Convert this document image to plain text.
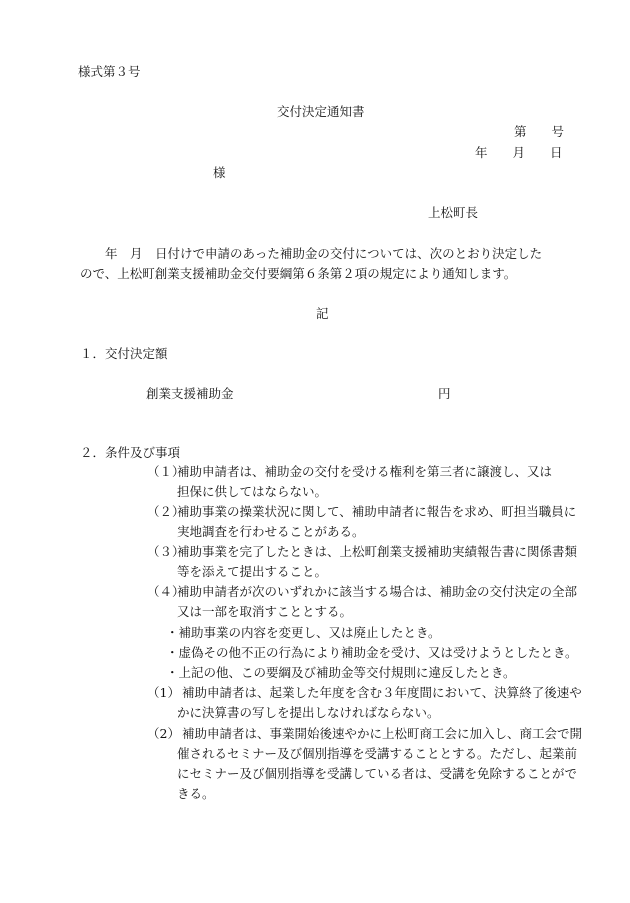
様式第３号
交付決定通知書
第　　号
年　　月　　日
様
上松町長
　　年　月　日付けで申請のあった補助金の交付については、次のとおり決定した
ので、上松町創業支援補助金交付要綱第６条第２項の規定により通知します。
記
１．交付決定額
創業支援補助金	円
２．条件及び事項
（１）
補助申請者は、補助金の交付を受ける権利を第三者に譲渡し、又は
担保に供してはならない。
（２）
補助事業の操業状況に関して、補助申請者に報告を求め、町担当職員に
実地調査を行わせることがある。
（３）
補助事業を完了したときは、上松町創業支援補助実績報告書に関係書類
等を添えて提出すること。
（４）
補助申請者が次のいずれかに該当する場合は、補助金の交付決定の全部
又は一部を取消すこととする。
・補助事業の内容を変更し、又は廃止したとき。
・虚偽その他不正の行為により補助金を受け、又は受けようとしたとき。
・上記の他、この要綱及び補助金等交付規則に違反したとき。
（1） 補助申請者は、起業した年度を含む３年度間において、決算終了後速や
かに決算書の写しを提出しなければならない。
（2） 補助申請者は、事業開始後速やかに上松町商工会に加入し、商工会で開
催されるセミナー及び個別指導を受講することとする。ただし、起業前
にセミナー及び個別指導を受講している者は、受講を免除することがで
きる。
